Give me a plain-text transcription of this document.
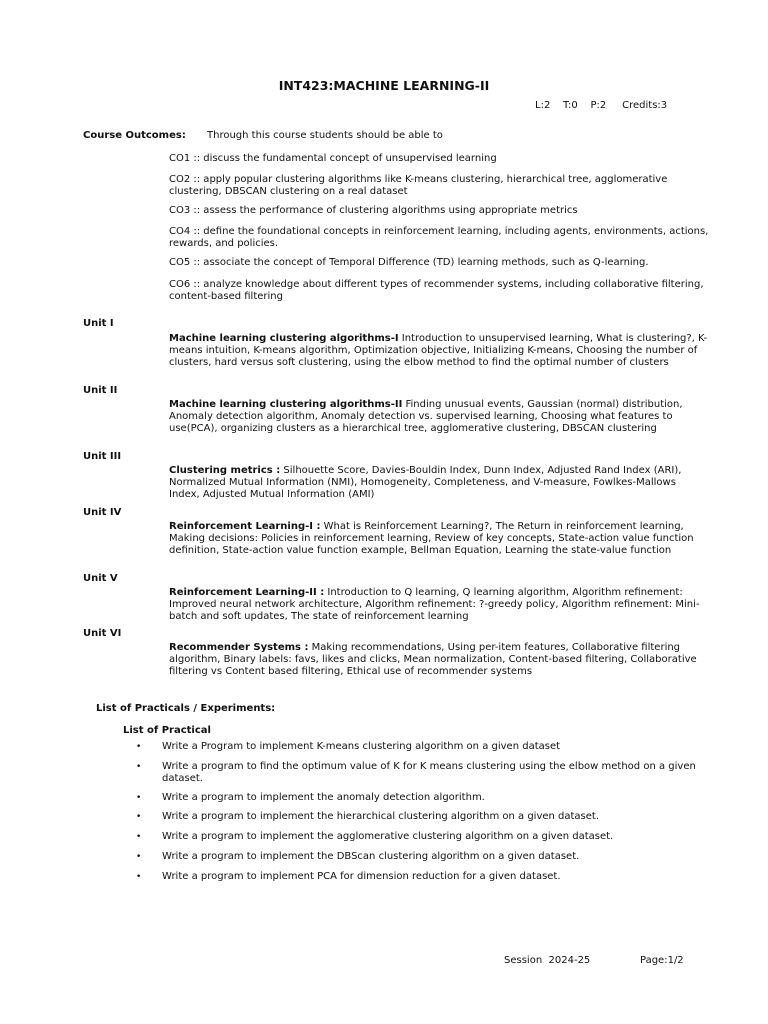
INT423:MACHINE LEARNING-II
L:2    T:0    P:2     Credits:3
Course Outcomes: Through this course students should be able to
CO1 :: discuss the fundamental concept of unsupervised learning
CO2 :: apply popular clustering algorithms like K-means clustering, hierarchical tree, agglomerative clustering, DBSCAN clustering on a real dataset
CO3 :: assess the performance of clustering algorithms using appropriate metrics
CO4 :: define the foundational concepts in reinforcement learning, including agents, environments, actions, rewards, and policies.
CO5 :: associate the concept of Temporal Difference (TD) learning methods, such as Q-learning.
CO6 :: analyze knowledge about different types of recommender systems, including collaborative filtering, content-based filtering
Unit I
Machine learning clustering algorithms-I Introduction to unsupervised learning, What is clustering?, K-means intuition, K-means algorithm, Optimization objective, Initializing K-means, Choosing the number of clusters, hard versus soft clustering, using the elbow method to find the optimal number of clusters
Unit II
Machine learning clustering algorithms-II Finding unusual events, Gaussian (normal) distribution, Anomaly detection algorithm, Anomaly detection vs. supervised learning, Choosing what features to use(PCA), organizing clusters as a hierarchical tree, agglomerative clustering, DBSCAN clustering
Unit III
Clustering metrics : Silhouette Score, Davies-Bouldin Index, Dunn Index, Adjusted Rand Index (ARI), Normalized Mutual Information (NMI), Homogeneity, Completeness, and V-measure, Fowlkes-Mallows Index, Adjusted Mutual Information (AMI)
Unit IV
Reinforcement Learning-I : What is Reinforcement Learning?, The Return in reinforcement learning, Making decisions: Policies in reinforcement learning, Review of key concepts, State-action value function definition, State-action value function example, Bellman Equation, Learning the state-value function
Unit V
Reinforcement Learning-II : Introduction to Q learning, Q learning algorithm, Algorithm refinement: Improved neural network architecture, Algorithm refinement: ?-greedy policy, Algorithm refinement: Mini-batch and soft updates, The state of reinforcement learning
Unit VI
Recommender Systems : Making recommendations, Using per-item features, Collaborative filtering algorithm, Binary labels: favs, likes and clicks, Mean normalization, Content-based filtering, Collaborative filtering vs Content based filtering, Ethical use of recommender systems
List of Practicals / Experiments:
List of Practical
• Write a Program to implement K-means clustering algorithm on a given dataset
• Write a program to find the optimum value of K for K means clustering using the elbow method on a given dataset.
• Write a program to implement the anomaly detection algorithm.
• Write a program to implement the hierarchical clustering algorithm on a given dataset.
• Write a program to implement the agglomerative clustering algorithm on a given dataset.
• Write a program to implement the DBScan clustering algorithm on a given dataset.
• Write a program to implement PCA for dimension reduction for a given dataset.
Session  2024-25	Page:1/2
